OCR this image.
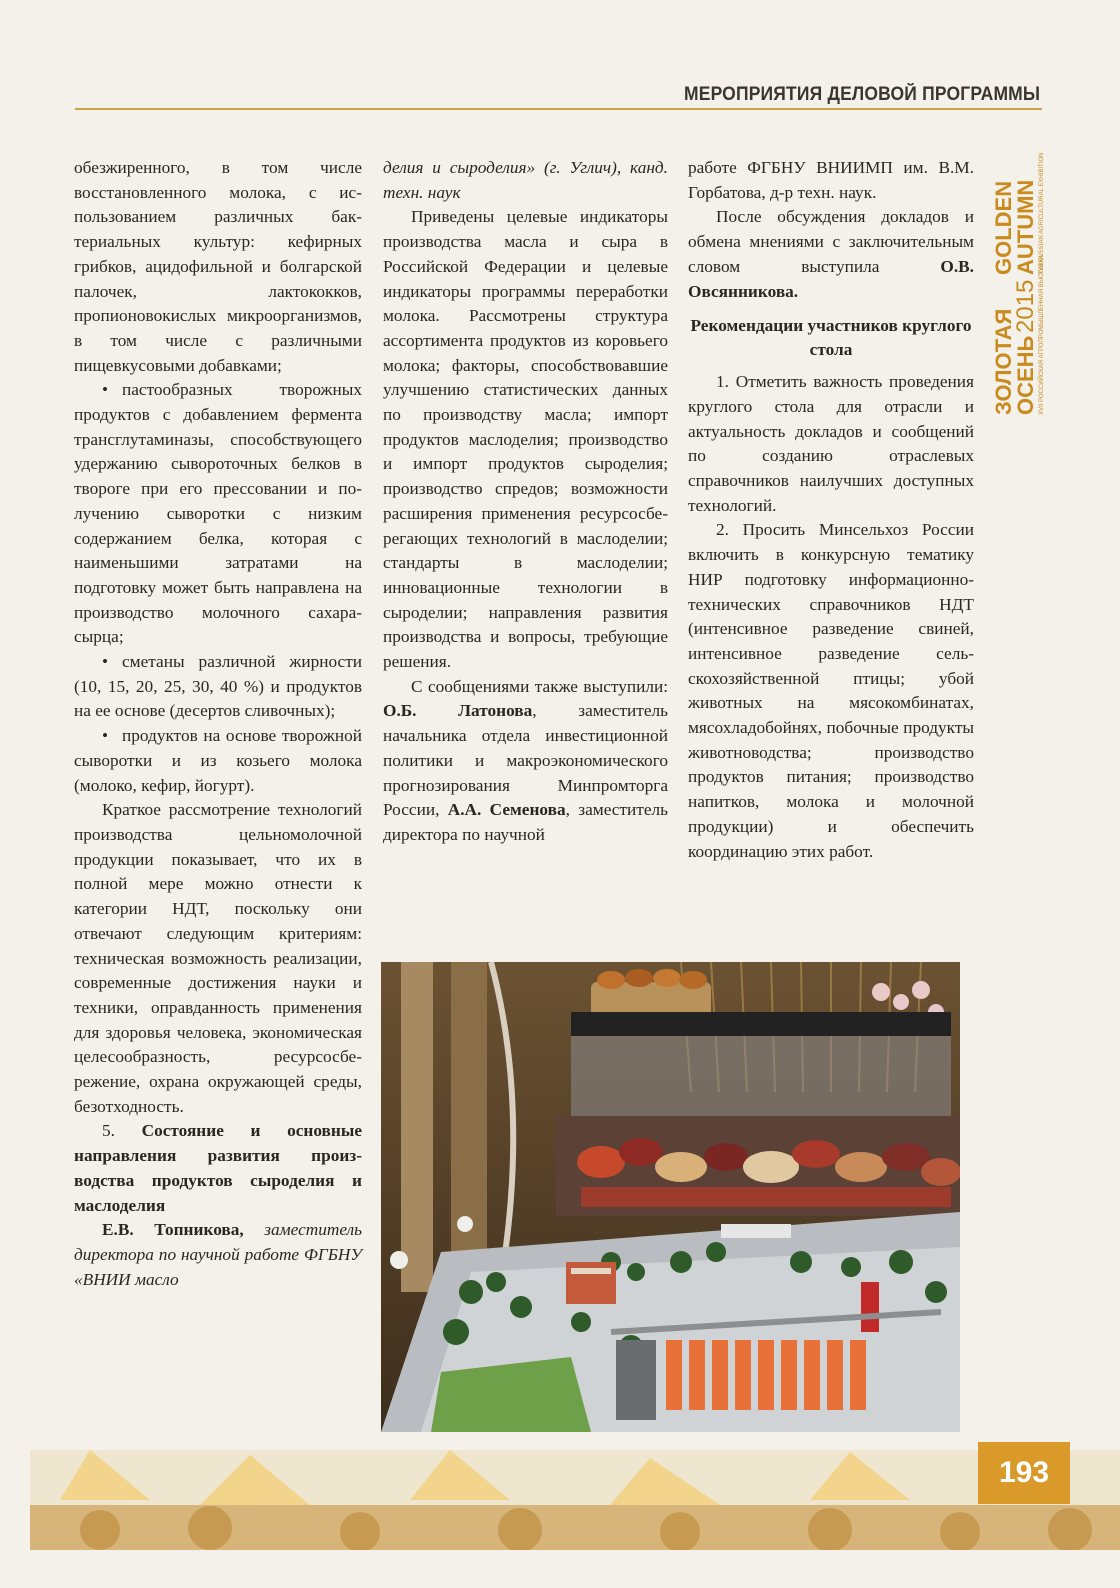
МЕРОПРИЯТИЯ ДЕЛОВОЙ ПРОГРАММЫ
ЗОЛОТАЯ
ОСЕНЬ
GOLDEN
AUTUMN
XVII РОССИЙСКАЯ АГРОПРОМЫШЛЕННАЯ ВЫСТАВКА
XVII RUSSIAN AGRICULTURAL EXHIBITION
2015

обезжиренного, в том числе восстановленного молока, с использованием различных бактериальных культур: кефирных грибков, ацидофильной и болгарской палочек, лактококков, пропионовокислых микроорганизмов, в том числе с различными пищевкусовыми добавками;

• пастообразных творожных продуктов с добавлением фермента трансглутаминазы, способствующего удержанию сывороточных белков в твороге при его прессовании и получению сыворотки с низким содержанием белка, которая с наименьшими затратами на подготовку может быть направлена на производство молочного сахара-сырца;

• сметаны различной жирности (10, 15, 20, 25, 30, 40 %) и продуктов на ее основе (десертов сливочных);

• продуктов на основе творожной сыворотки и из козьего молока (молоко, кефир, йогурт).

Краткое рассмотрение технологий производства цельномолочной продукции показывает, что их в полной мере можно отнести к категории НДТ, поскольку они отвечают следующим критериям: техническая возможность реализации, современные достижения науки и техники, оправданность применения для здоровья человека, экономическая целесообразность, ресурсосбережение, охрана окружающей среды, безотходность.

5. Состояние и основные направления развития производства продуктов сыроделия и маслоделия

Е.В. Топникова, заместитель директора по научной работе ФГБНУ «ВНИИ масло

делия и сыроделия» (г. Углич), канд. техн. наук

Приведены целевые индикаторы производства масла и сыра в Российской Федерации и целевые индикаторы программы переработки молока. Рассмотрены структура ассортимента продуктов из коровьего молока; факторы, способствовавшие улучшению статистических данных по производству масла; импорт продуктов маслоделия; производство и импорт продуктов сыроделия; производство спредов; возможности расширения применения ресурсосберегающих технологий в маслоделии; стандарты в маслоделии; инновационные технологии в сыроделии; направления развития производства и вопросы, требующие решения.

С сообщениями также выступили: О.Б. Латонова, заместитель начальника отдела инвестиционной политики и макроэкономического прогнозирования Минпромторга России, А.А. Семенова, заместитель директора по научной

работе ФГБНУ ВНИИМП им. В.М. Горбатова, д-р техн. наук.

После обсуждения докладов и обмена мнениями с заключительным словом выступила	О.В. Овсянникова.

Рекомендации участников круглого стола

1. Отметить важность проведения круглого стола для отрасли и актуальность докладов и сообщений по созданию отраслевых справочников наилучших доступных технологий.

2. Просить Минсельхоз России включить в конкурсную тематику НИР подготовку информационно-технических справочников НДТ (интенсивное разведение свиней, интенсивное разведение сельскохозяйственной птицы; убой животных на мясокомбинатах, мясохладобойнях, побочные продукты животноводства; производство продуктов питания; производство напитков, молока и молочной продукции) и обеспечить координацию этих работ.

193
